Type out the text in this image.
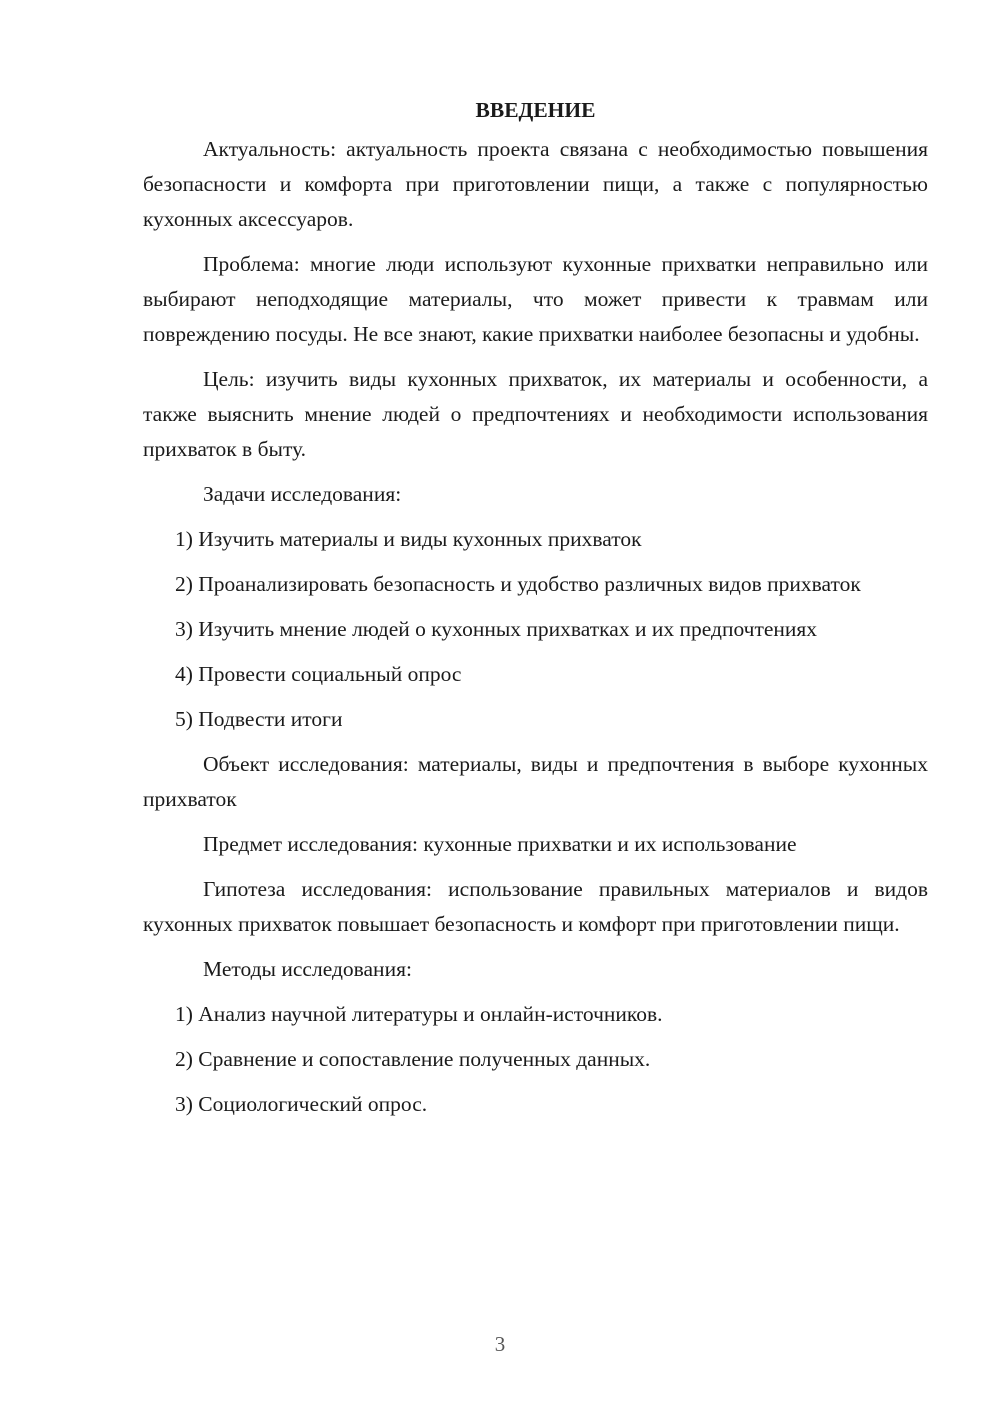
ВВЕДЕНИЕ

Актуальность: актуальность проекта связана с необходимостью повышения безопасности и комфорта при приготовлении пищи, а также с популярностью кухонных аксессуаров.

Проблема: многие люди используют кухонные прихватки неправильно или выбирают неподходящие материалы, что может привести к травмам или повреждению посуды. Не все знают, какие прихватки наиболее безопасны и удобны.

Цель: изучить виды кухонных прихваток, их материалы и особенности, а также выяснить мнение людей о предпочтениях и необходимости использования прихваток в быту.

Задачи исследования:

1) Изучить материалы и виды кухонных прихваток

2) Проанализировать безопасность и удобство различных видов прихваток

3) Изучить мнение людей о кухонных прихватках и их предпочтениях

4) Провести социальный опрос

5) Подвести итоги

Объект исследования: материалы, виды и предпочтения в выборе кухонных прихваток

Предмет исследования: кухонные прихватки и их использование

Гипотеза исследования: использование правильных материалов и видов кухонных прихваток повышает безопасность и комфорт при приготовлении пищи.

Методы исследования:

1) Анализ научной литературы и онлайн-источников.

2) Сравнение и сопоставление полученных данных.

3) Социологический опрос.

3
